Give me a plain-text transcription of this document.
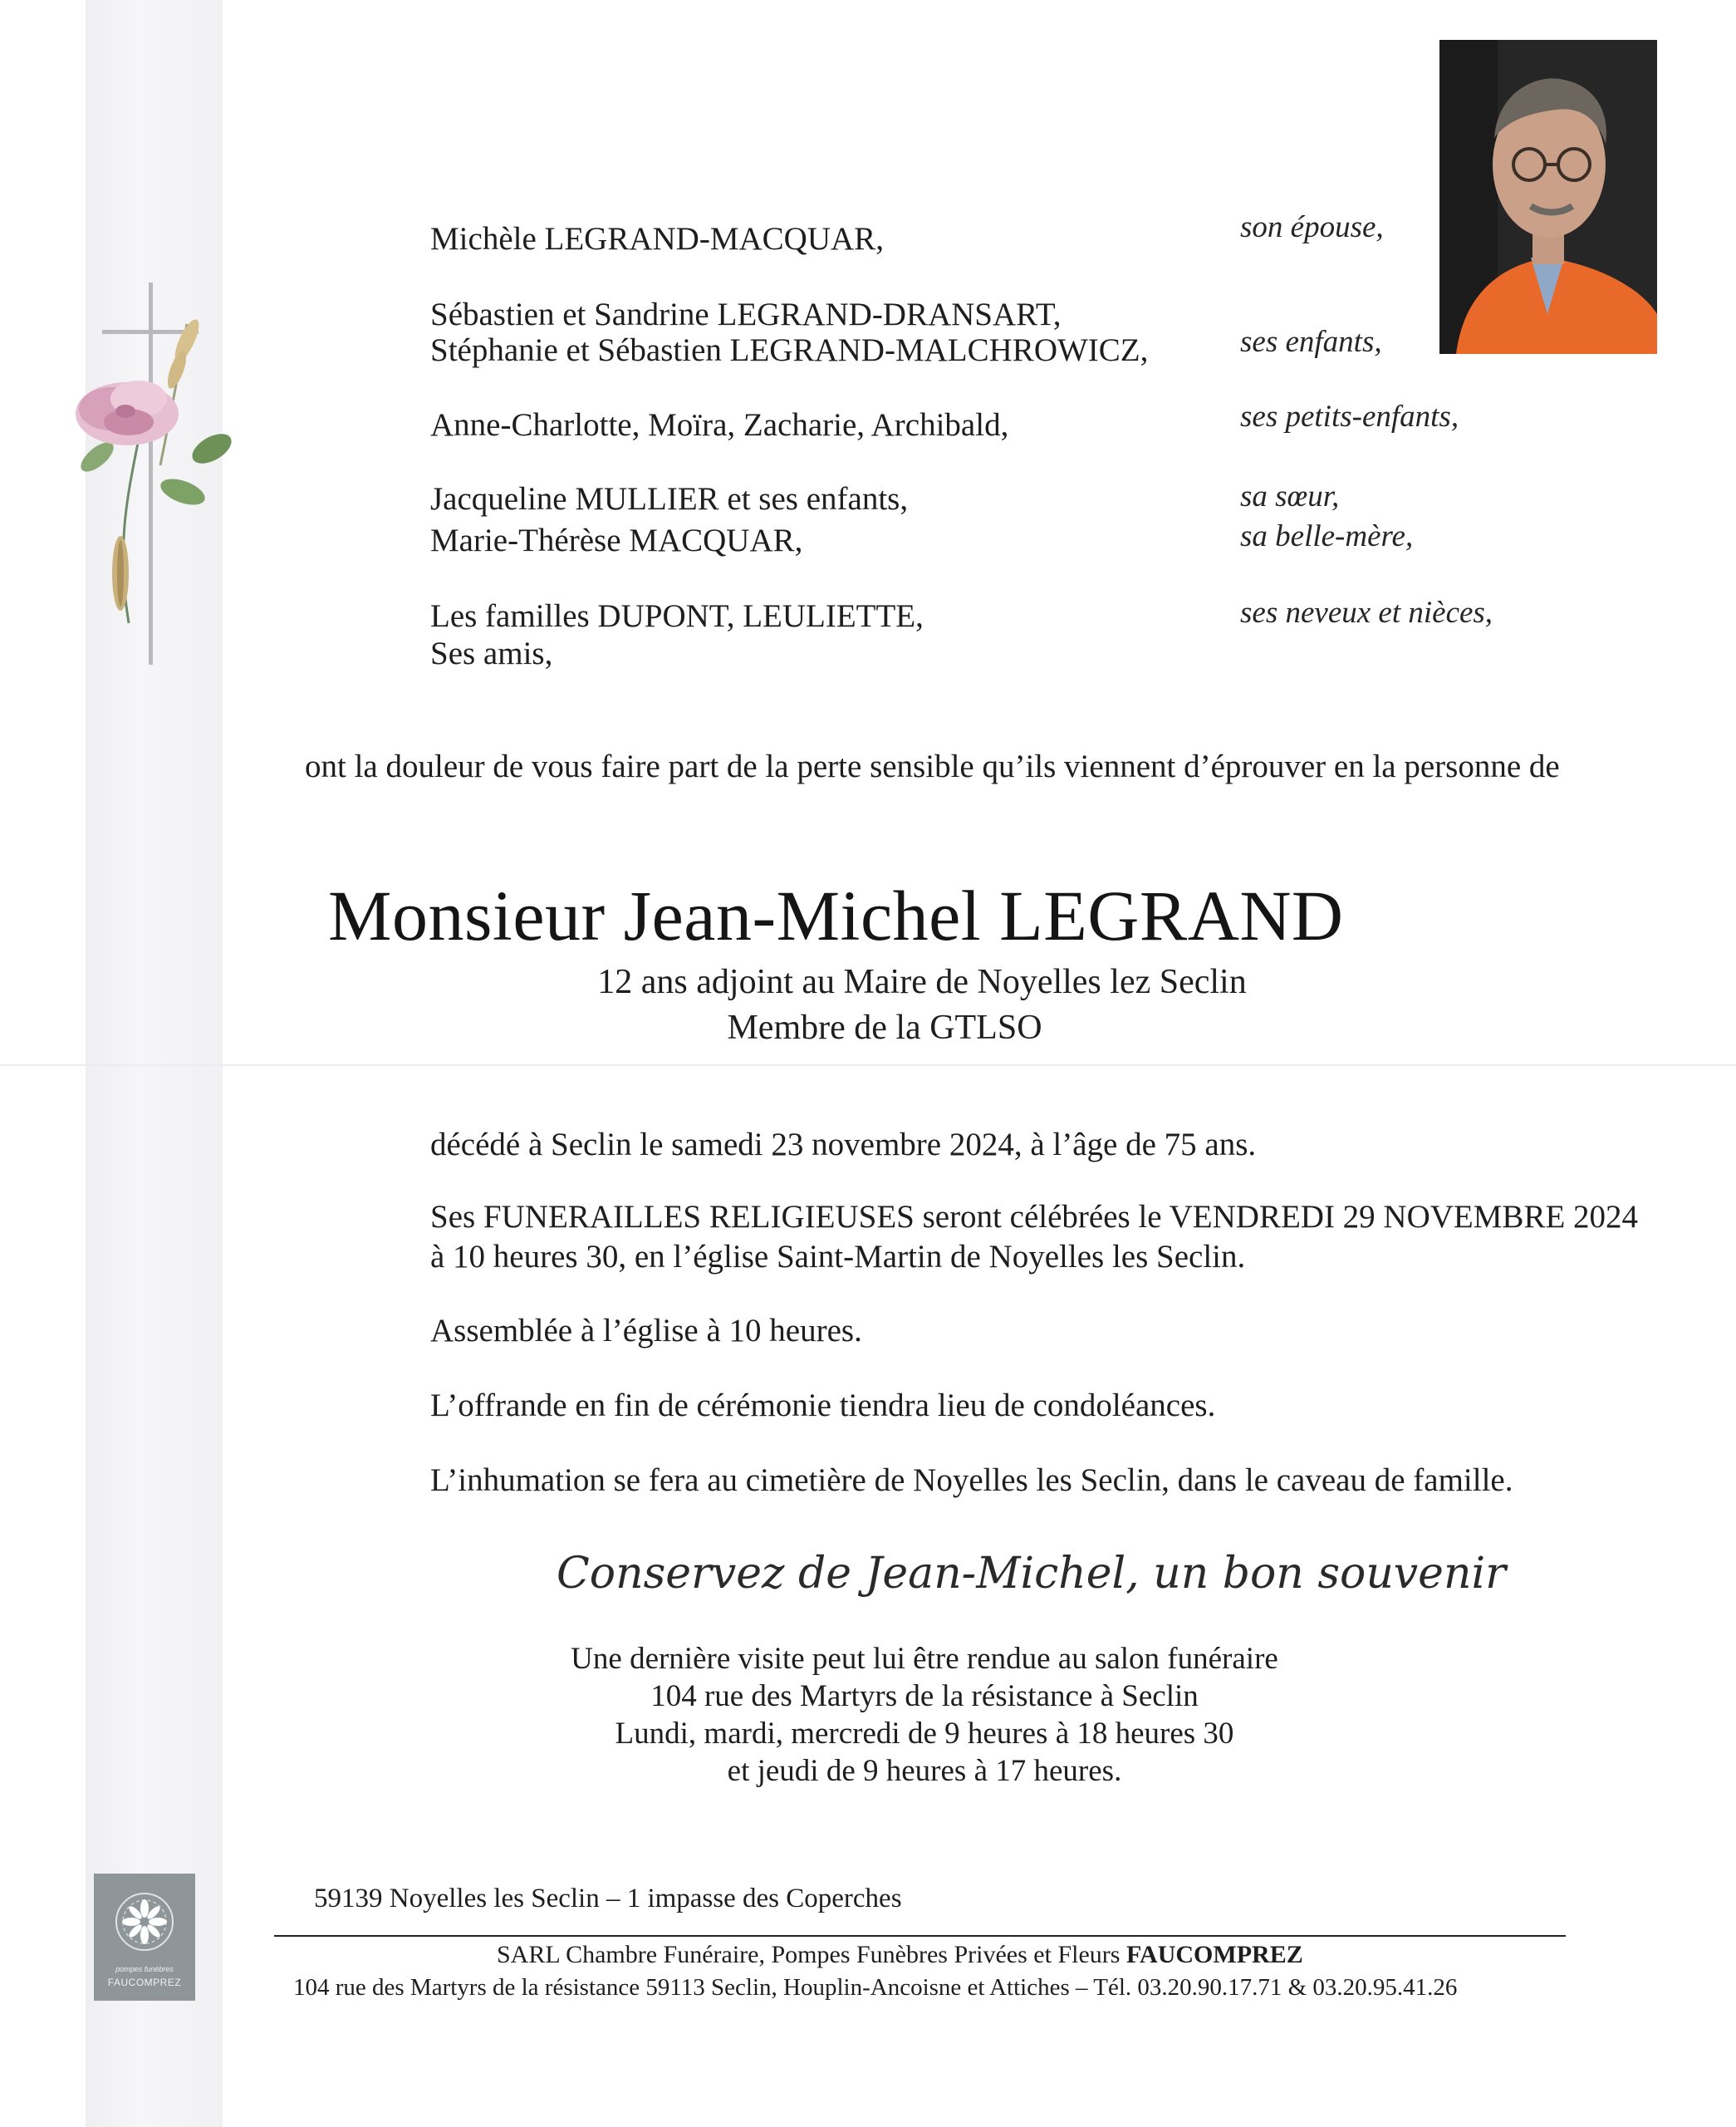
Michèle LEGRAND-MACQUAR,	son épouse,
Sébastien et Sandrine LEGRAND-DRANSART,
Stéphanie et Sébastien LEGRAND-MALCHROWICZ,	ses enfants,
Anne-Charlotte, Moïra, Zacharie, Archibald,	ses petits-enfants,
Jacqueline MULLIER et ses enfants,	sa sœur,
Marie-Thérèse MACQUAR,	sa belle-mère,
Les familles DUPONT, LEULIETTE,	ses neveux et nièces,
Ses amis,
ont la douleur de vous faire part de la perte sensible qu’ils viennent d’éprouver en la personne de
Monsieur Jean-Michel LEGRAND
12 ans adjoint au Maire de Noyelles lez Seclin
Membre de la GTLSO
décédé à Seclin le samedi 23 novembre 2024, à l’âge de 75 ans.
Ses FUNERAILLES RELIGIEUSES seront célébrées le VENDREDI 29 NOVEMBRE 2024
à 10 heures 30, en l’église Saint-Martin de Noyelles les Seclin.
Assemblée à l’église à 10 heures.
L’offrande en fin de cérémonie tiendra lieu de condoléances.
L’inhumation se fera au cimetière de Noyelles les Seclin, dans le caveau de famille.
Conservez de Jean-Michel, un bon souvenir
Une dernière visite peut lui être rendue au salon funéraire
104 rue des Martyrs de la résistance à Seclin
Lundi, mardi, mercredi de 9 heures à 18 heures 30
et jeudi de 9 heures à 17 heures.
pompes funèbres
FAUCOMPREZ
59139 Noyelles les Seclin – 1 impasse des Coperches
SARL Chambre Funéraire, Pompes Funèbres Privées et Fleurs FAUCOMPREZ
104 rue des Martyrs de la résistance 59113 Seclin, Houplin-Ancoisne et Attiches – Tél. 03.20.90.17.71 & 03.20.95.41.26
